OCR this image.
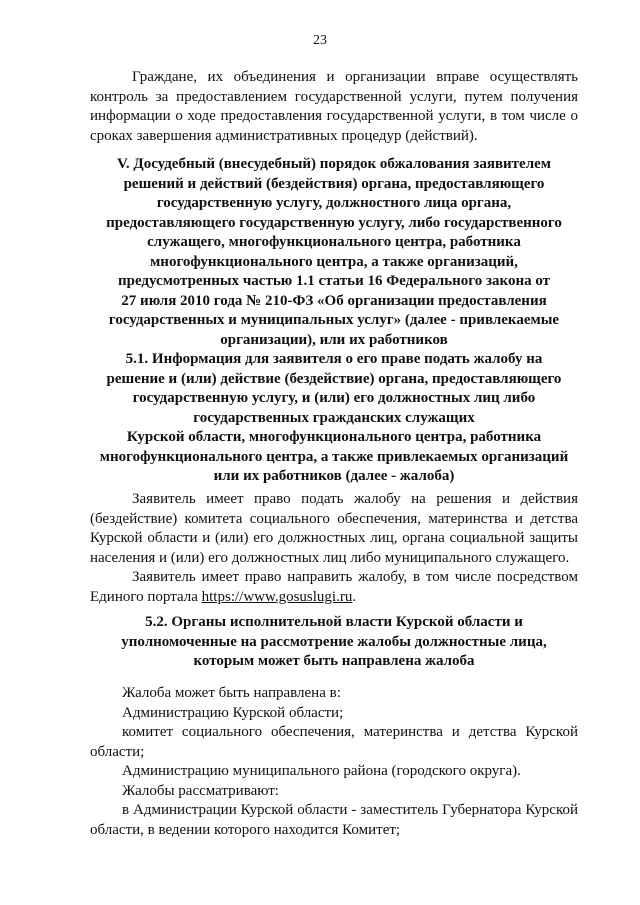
23

Граждане, их объединения и организации вправе осуществлять контроль за предоставлением государственной услуги, путем получения информации о ходе предоставления государственной услуги, в том числе о сроках завершения административных процедур (действий).

V. Досудебный (внесудебный) порядок обжалования заявителем
решений и действий (бездействия) органа, предоставляющего
государственную услугу, должностного лица органа,
предоставляющего государственную услугу, либо государственного
служащего, многофункционального центра, работника
многофункционального центра, а также организаций,
предусмотренных частью 1.1 статьи 16 Федерального закона от
27 июля 2010 года № 210-ФЗ «Об организации предоставления
государственных и муниципальных услуг» (далее - привлекаемые
организации), или их работников
5.1. Информация для заявителя о его праве подать жалобу на
решение и (или) действие (бездействие) органа, предоставляющего
государственную услугу, и (или) его должностных лиц либо
государственных гражданских служащих
Курской области, многофункционального центра, работника
многофункционального центра, а также привлекаемых организаций
или их работников (далее - жалоба)

Заявитель имеет право подать жалобу на решения и действия (бездействие) комитета социального обеспечения, материнства и детства Курской области и (или) его должностных лиц, органа социальной защиты населения и (или) его должностных лиц либо муниципального служащего.

Заявитель имеет право направить жалобу, в том числе посредством Единого портала https://www.gosuslugi.ru.

5.2. Органы исполнительной власти Курской области и
уполномоченные на рассмотрение жалобы должностные лица,
которым может быть направлена жалоба

Жалоба может быть направлена в:

Администрацию Курской области;

комитет социального обеспечения, материнства и детства Курской области;

Администрацию муниципального района (городского округа).

Жалобы рассматривают:

в Администрации Курской области - заместитель Губернатора Курской области, в ведении которого находится Комитет;
